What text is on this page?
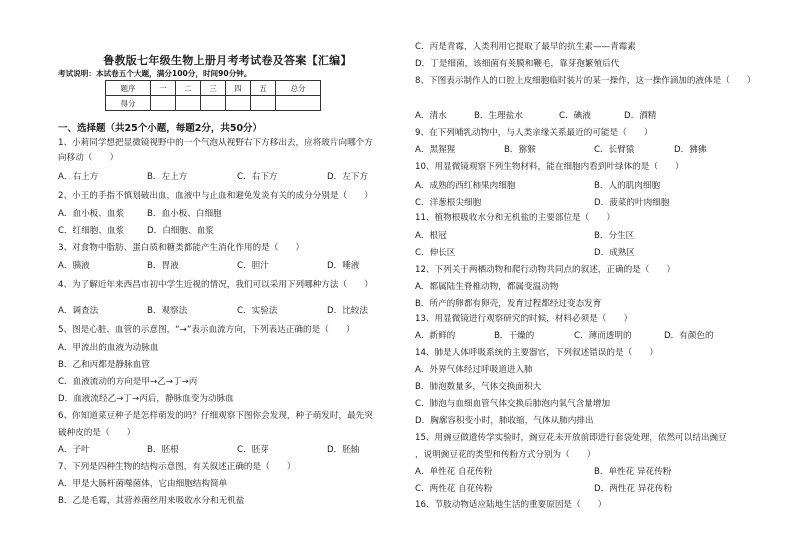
鲁教版七年级生物上册月考考试卷及答案【汇编】
考试说明：本试卷五个大题，满分100分，时间90分钟。
题序	一	二	三	四	五	总分
得分						
一、选择题（共25个小题，每题2分，共50分）
1、小莉同学想把显微镜视野中的一个气泡从视野右下方移出去，应将玻片向哪个方
向移动（　　）
A．右上方	B．左上方	C．右下方	D．左下方
2、小王的手指不慎划破出血，血液中与止血和避免发炎有关的成分分别是（　　）
A．血小板、血浆	B．血小板、白细胞
C．红细胞、血浆	D．白细胞、血浆
3、对食物中脂肪、蛋白质和糖类都能产生消化作用的是（　　）
A．胰液	B．胃液	C．胆汁	D．唾液
4、为了解近年来西昌市初中学生近视的情况，我们可以采用下列哪种方法（　　）
A．调查法	B．观察法	C．实验法	D．比较法
5、图是心脏、血管的示意图，“→”表示血流方向，下列表达正确的是（　　）
A．甲流出的血液为动脉血
B．乙和丙都是静脉血管
C．血液流动的方向是甲→乙→丁→丙
D．血液流经乙→丁→丙后，静脉血变为动脉血
6、你知道菜豆种子是怎样萌发的吗？仔细观察下图你会发现，种子萌发时，最先突
破种皮的是（　　）
A．子叶	B．胚根	C．胚芽	D．胚轴
7、下列是四种生物的结构示意图，有关叙述正确的是（　　）
A．甲是大肠杆菌噬菌体，它由细胞结构简单
B．乙是毛霉，其营养菌丝用来吸收水分和无机盐
C．丙是青霉，人类利用它提取了最早的抗生素——青霉素
D．丁是细菌，该细菌有荚膜和鞭毛，靠芽孢繁殖后代
8、下图表示制作人的口腔上皮细胞临时装片的某一操作，这一操作滴加的液体是（　　）
A．清水	B．生理盐水	C．碘液	D．酒精
9、在下列哺乳动物中，与人类亲缘关系最近的可能是（　　）
A．黑猩猩	B．猕猴	C．长臂猿	D．狒狒
10、用显微镜观察下列生物材料，能在细胞内看到叶绿体的是（　　）
A．成熟的西红柿果肉细胞	B．人的肌肉细胞
C．洋葱根尖细胞	D．菠菜的叶肉细胞
11、植物根吸收水分和无机盐的主要部位是（　　）
A．根冠	B．分生区
C．伸长区	D．成熟区
12、下列关于两栖动物和爬行动物共同点的叙述，正确的是（　　）
A．都属陆生脊椎动物，都属变温动物
B．所产的卵都有卵壳，发育过程都经过变态发育
13、用显微镜进行观察研究的时候，材料必须是（　　）
A．新鲜的	B．干燥的	C．薄而透明的	D．有颜色的
14、肺是人体呼吸系统的主要器官，下列叙述错误的是（　　）
A．外界气体经过呼吸道进入肺
B．肺泡数量多，气体交换面积大
C．肺泡与血细血管气体交换后肺泡内氧气含量增加
D．胸廓容积变小时，肺收缩，气体从肺内排出
15、用豌豆做遗传学实验时，豌豆花未开放前即进行套袋处理，依然可以结出豌豆
，说明豌豆花的类型和传粉方式分别为（　　）
A．单性花 自花传粉	B．单性花 异花传粉
C．两性花 自花传粉	D．两性花 异花传粉
16、节肢动物适应陆地生活的重要原因是（　　）
